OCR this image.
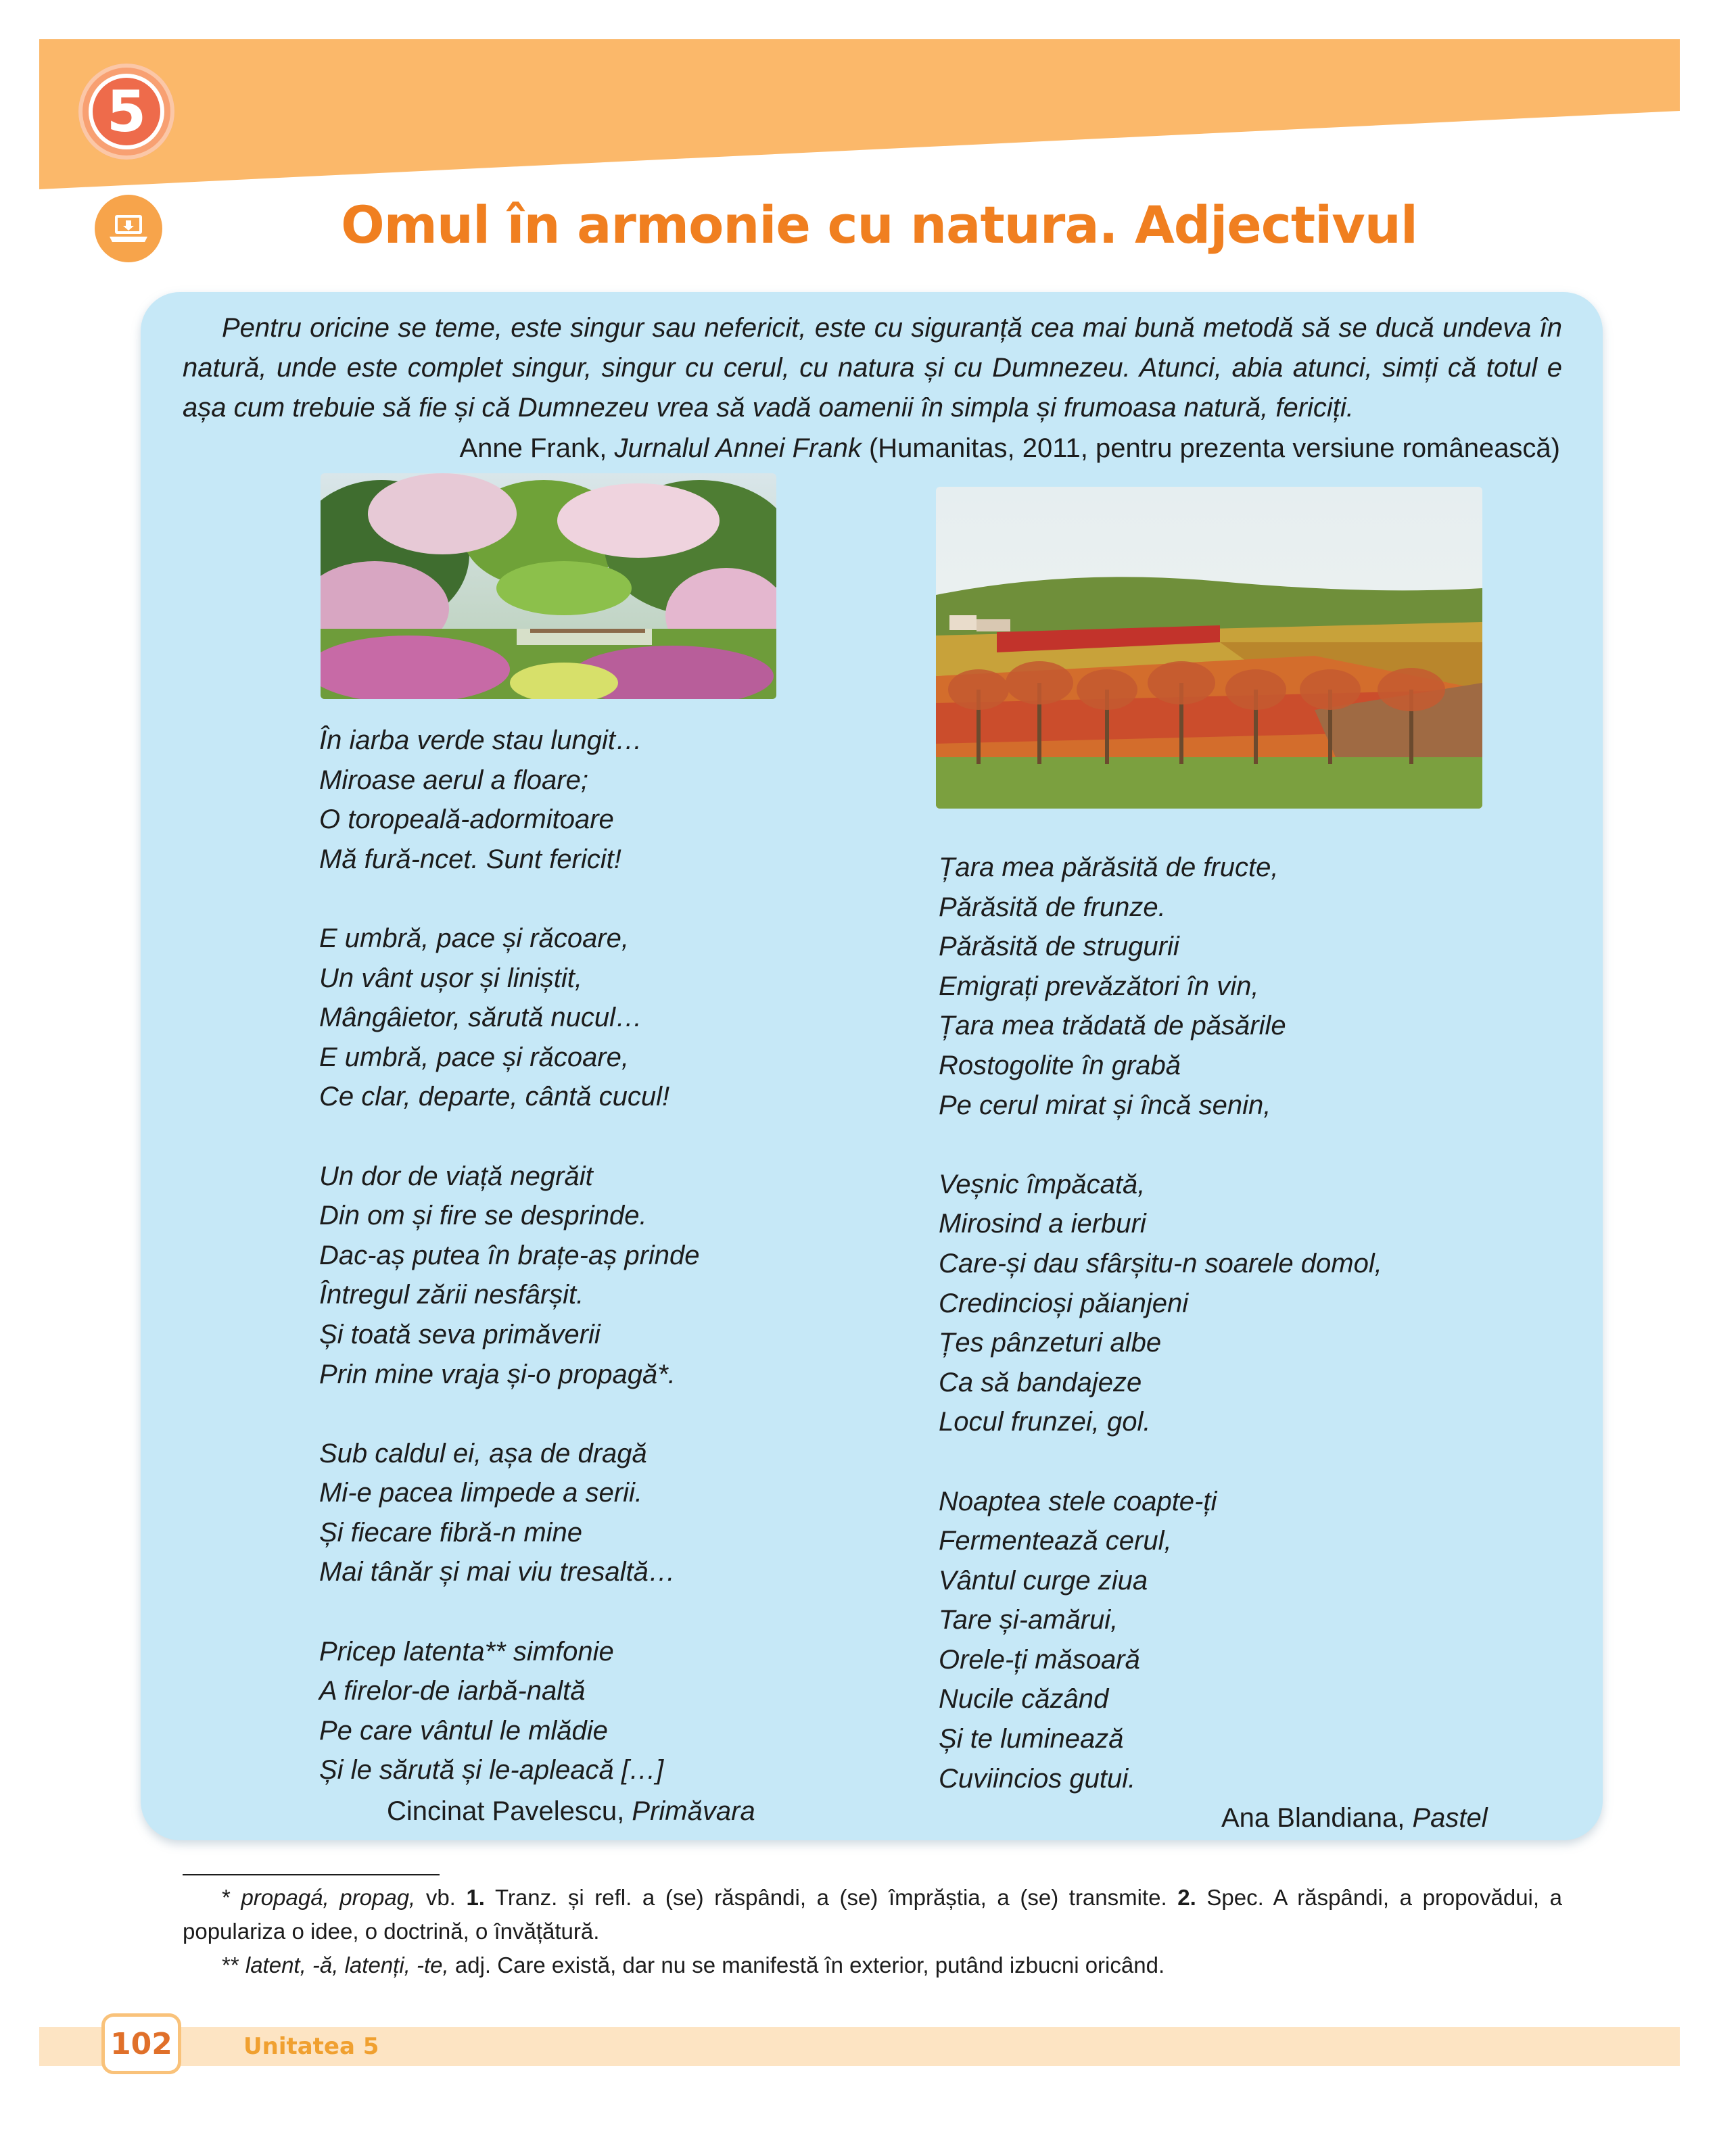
5
Omul în armonie cu natura. Adjectivul

Pentru oricine se teme, este singur sau nefericit, este cu siguranță cea mai bună metodă să se ducă undeva în natură, unde este complet singur, singur cu cerul, cu natura și cu Dumnezeu. Atunci, abia atunci, simți că totul e așa cum trebuie să fie și că Dumnezeu vrea să vadă oamenii în simpla și frumoasa natură, fericiți.

Anne Frank, Jurnalul Annei Frank (Humanitas, 2011, pentru prezenta versiune românească)
În iarba verde stau lungit…
Miroase aerul a floare;
O toropeală-adormitoare
Mă fură-ncet. Sunt fericit!
E umbră, pace și răcoare,
Un vânt ușor și liniștit,
Mângâietor, sărută nucul…
E umbră, pace și răcoare,
Ce clar, departe, cântă cucul!
Un dor de viață negrăit
Din om și fire se desprinde.
Dac-aș putea în brațe-aș prinde
Întregul zării nesfârșit.
Și toată seva primăverii
Prin mine vraja și-o propagă*.
Sub caldul ei, așa de dragă
Mi-e pacea limpede a serii.
Și fiecare fibră-n mine
Mai tânăr și mai viu tresaltă…
Pricep latenta** simfonie
A firelor-de iarbă-naltă
Pe care vântul le mlădie
Și le sărută și le-apleacă […]
Cincinat Pavelescu, Primăvara
Țara mea părăsită de fructe,
Părăsită de frunze.
Părăsită de strugurii
Emigrați prevăzători în vin,
Țara mea trădată de păsările
Rostogolite în grabă
Pe cerul mirat și încă senin,
Veșnic împăcată,
Mirosind a ierburi
Care-și dau sfârșitu-n soarele domol,
Credincioși păianjeni
Țes pânzeturi albe
Ca să bandajeze
Locul frunzei, gol.
Noaptea stele coapte-ți
Fermentează cerul,
Vântul curge ziua
Tare și-amărui,
Orele-ți măsoară
Nucile căzând
Și te luminează
Cuviincios gutui.
Ana Blandiana, Pastel

* propagá, propag, vb. 1. Tranz. și refl. a (se) răspândi, a (se) împrăștia, a (se) transmite. 2. Spec. A răspândi, a propovădui, a populariza o idee, o doctrină, o învățătură.

** latent, -ă, latenți, -te, adj. Care există, dar nu se manifestă în exterior, putând izbucni oricând.

102	Unitatea 5
